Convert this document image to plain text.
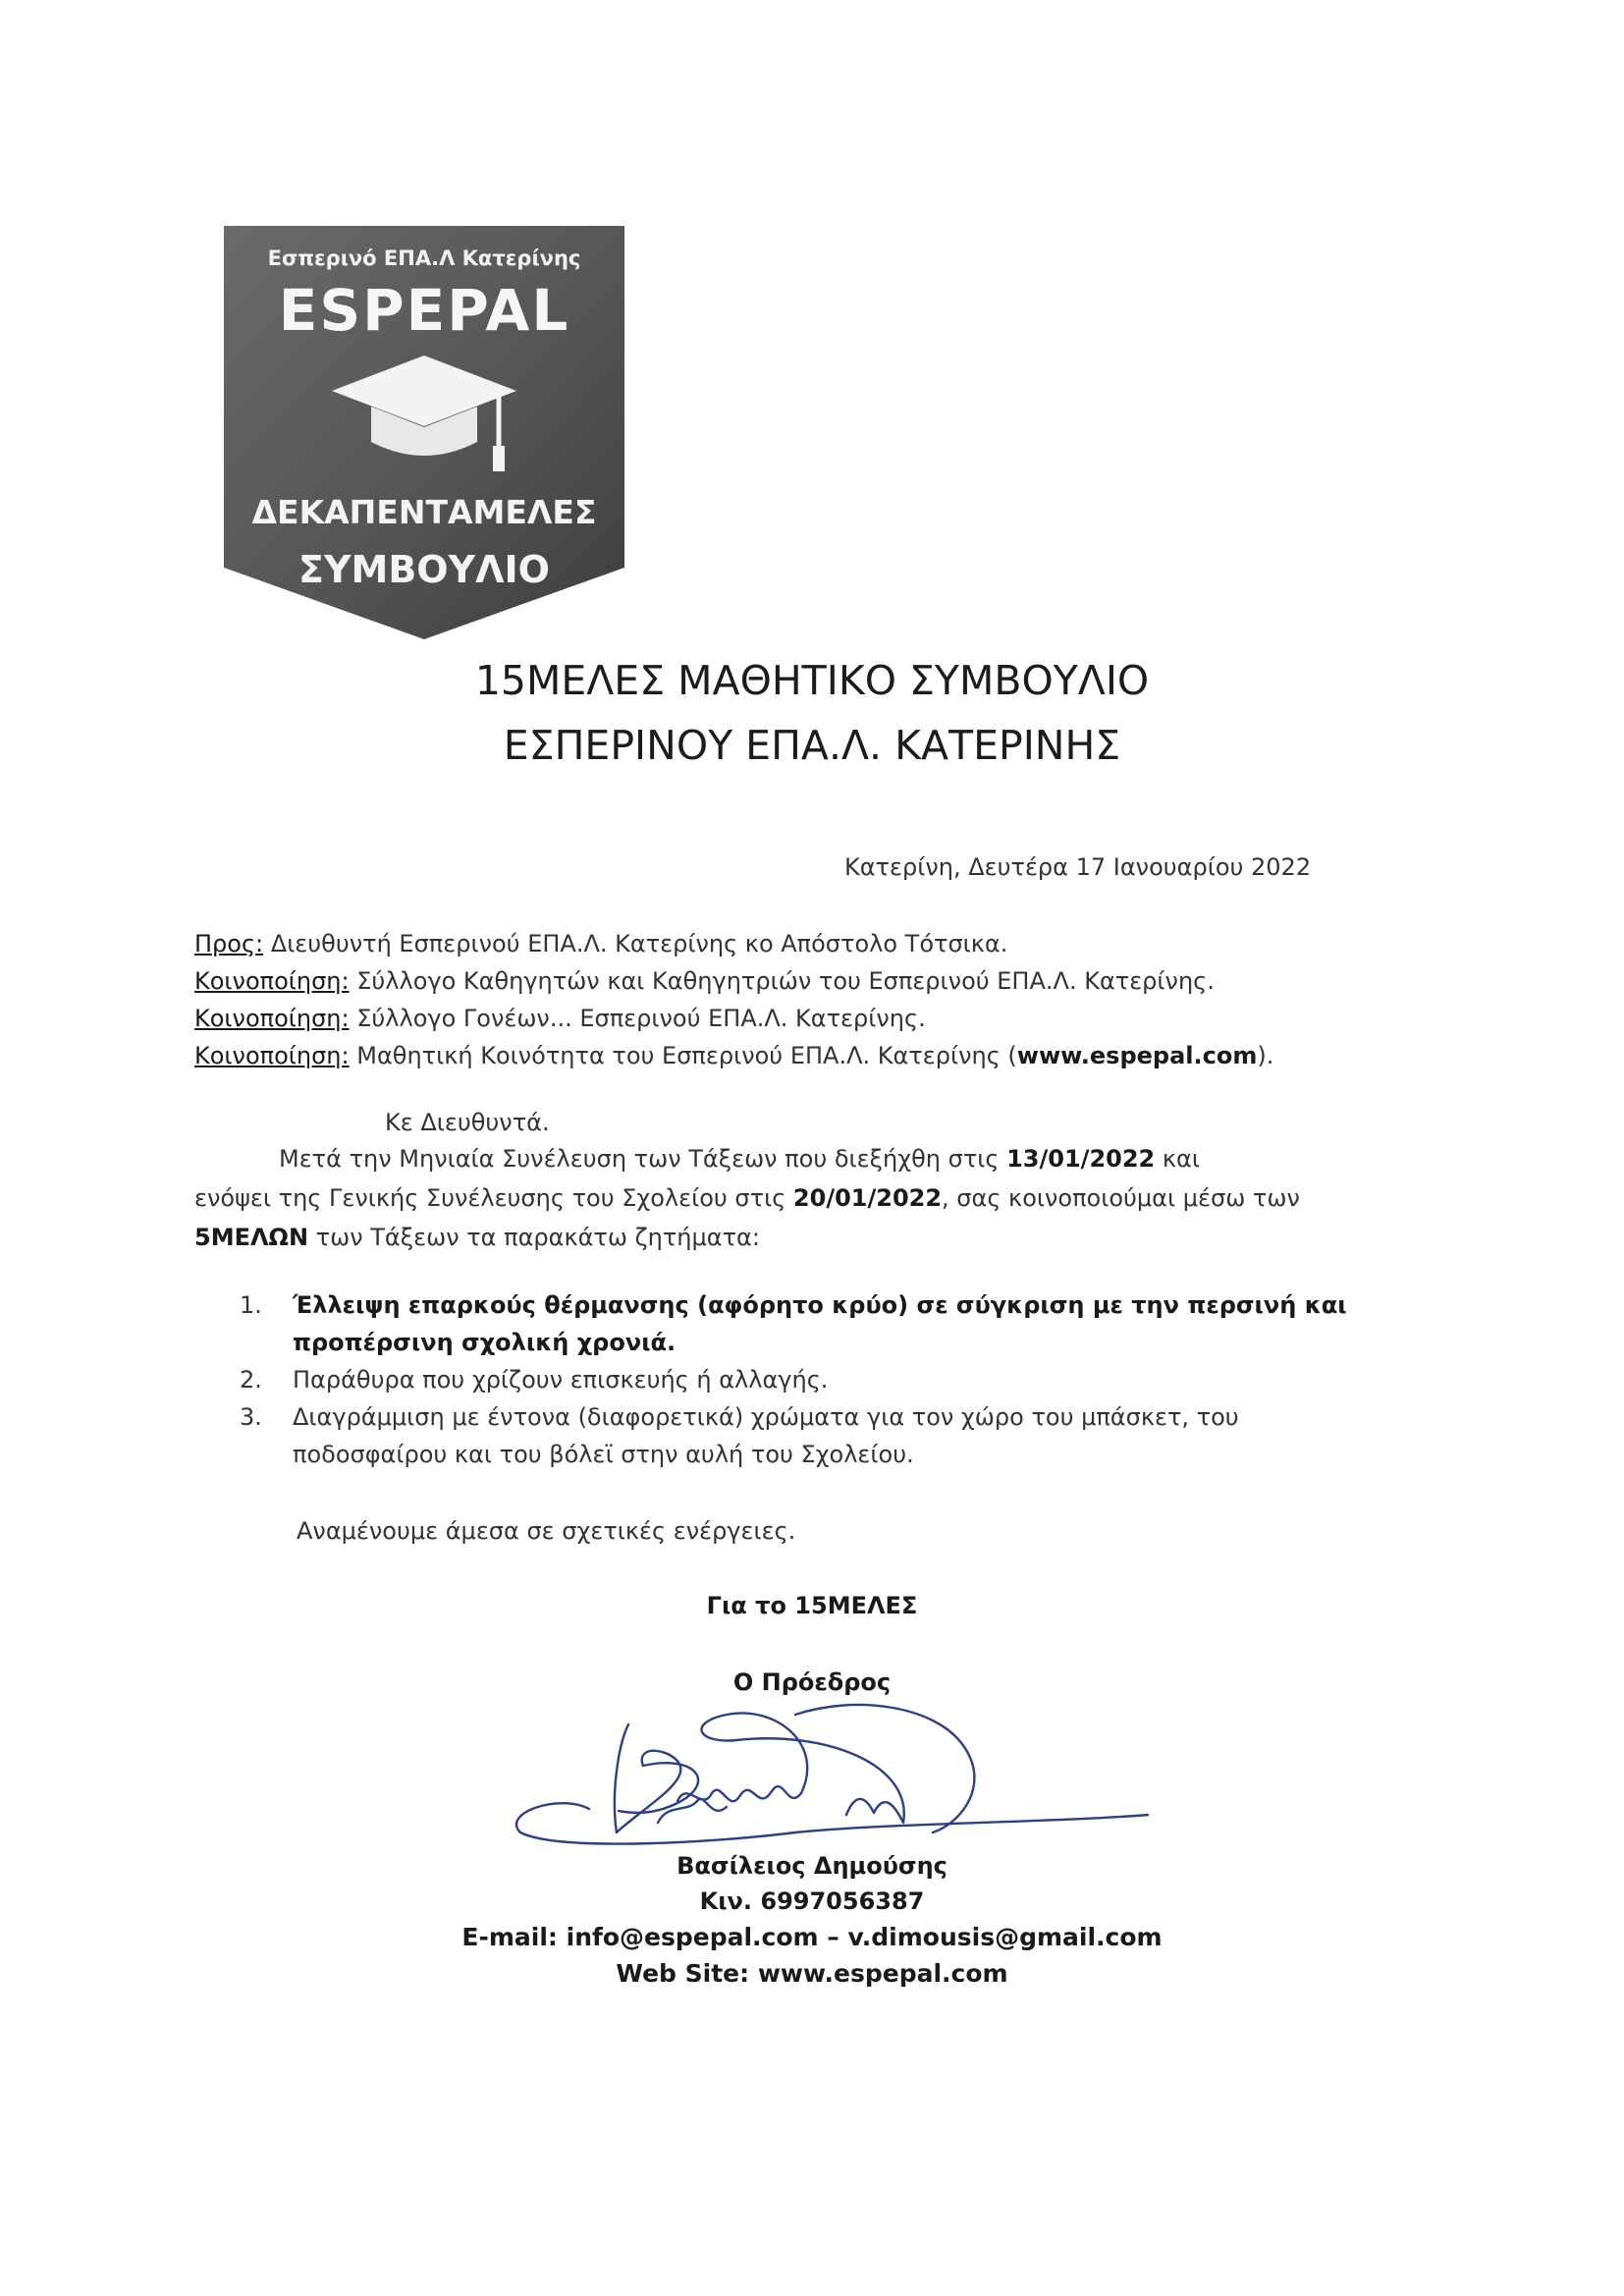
Εσπερινό ΕΠΑ.Λ Κατερίνης
ESPEPAL
ΔΕΚΑΠΕΝΤΑΜΕΛΕΣ
ΣΥΜΒΟΥΛΙΟ
15ΜΕΛΕΣ ΜΑΘΗΤΙΚΟ ΣΥΜΒΟΥΛΙΟ
ΕΣΠΕΡΙΝΟΥ ΕΠΑ.Λ. ΚΑΤΕΡΙΝΗΣ
Κατερίνη, Δευτέρα 17 Ιανουαρίου 2022
Προς: Διευθυντή Εσπερινού ΕΠΑ.Λ. Κατερίνης κο Απόστολο Τότσικα.
Κοινοποίηση: Σύλλογο Καθηγητών και Καθηγητριών του Εσπερινού ΕΠΑ.Λ. Κατερίνης.
Κοινοποίηση: Σύλλογο Γονέων... Εσπερινού ΕΠΑ.Λ. Κατερίνης.
Κοινοποίηση: Μαθητική Κοινότητα του Εσπερινού ΕΠΑ.Λ. Κατερίνης (www.espepal.com).
Κε Διευθυντά.
Μετά την Μηνιαία Συνέλευση των Τάξεων που διεξήχθη στις 13/01/2022 και
ενόψει της Γενικής Συνέλευσης του Σχολείου στις 20/01/2022, σας κοινοποιούμαι μέσω των
5ΜΕΛΩΝ των Τάξεων τα παρακάτω ζητήματα:
1.	Έλλειψη επαρκούς θέρμανσης (αφόρητο κρύο) σε σύγκριση με την περσινή και
προπέρσινη σχολική χρονιά.
2.	Παράθυρα που χρίζουν επισκευής ή αλλαγής.
3.	Διαγράμμιση με έντονα (διαφορετικά) χρώματα για τον χώρο του μπάσκετ, του
ποδοσφαίρου και του βόλεϊ στην αυλή του Σχολείου.
Αναμένουμε άμεσα σε σχετικές ενέργειες.
Για το 15ΜΕΛΕΣ
Ο Πρόεδρος
Βασίλειος Δημούσης
Κιν. 6997056387
E-mail: info@espepal.com – v.dimousis@gmail.com
Web Site: www.espepal.com
